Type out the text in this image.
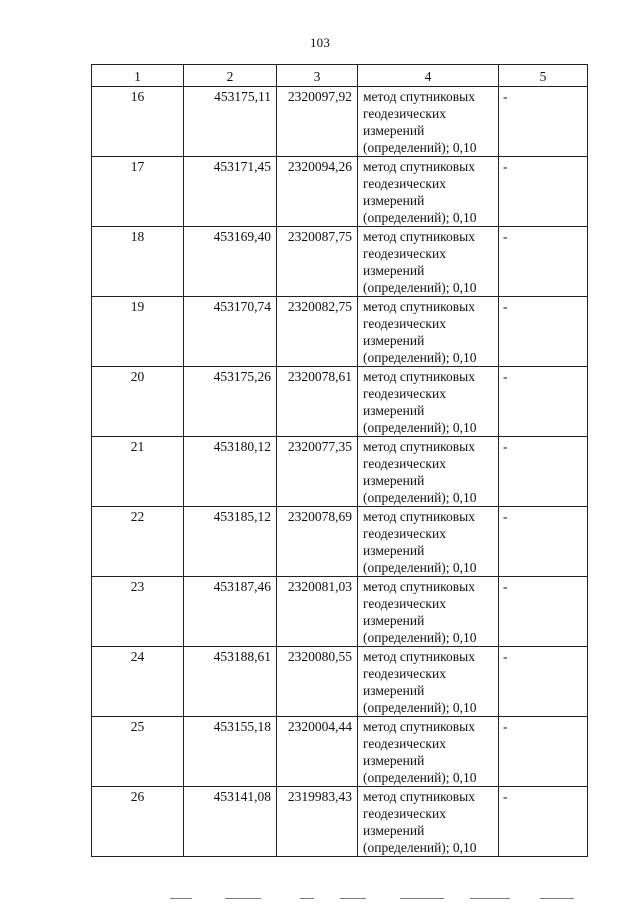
103
1	2	3	4	5
16	453175,11	2320097,92	метод спутниковых
геодезических
измерений
(определений); 0,10	-
17	453171,45	2320094,26	метод спутниковых
геодезических
измерений
(определений); 0,10	-
18	453169,40	2320087,75	метод спутниковых
геодезических
измерений
(определений); 0,10	-
19	453170,74	2320082,75	метод спутниковых
геодезических
измерений
(определений); 0,10	-
20	453175,26	2320078,61	метод спутниковых
геодезических
измерений
(определений); 0,10	-
21	453180,12	2320077,35	метод спутниковых
геодезических
измерений
(определений); 0,10	-
22	453185,12	2320078,69	метод спутниковых
геодезических
измерений
(определений); 0,10	-
23	453187,46	2320081,03	метод спутниковых
геодезических
измерений
(определений); 0,10	-
24	453188,61	2320080,55	метод спутниковых
геодезических
измерений
(определений); 0,10	-
25	453155,18	2320004,44	метод спутниковых
геодезических
измерений
(определений); 0,10	-
26	453141,08	2319983,43	метод спутниковых
геодезических
измерений
(определений); 0,10	-
